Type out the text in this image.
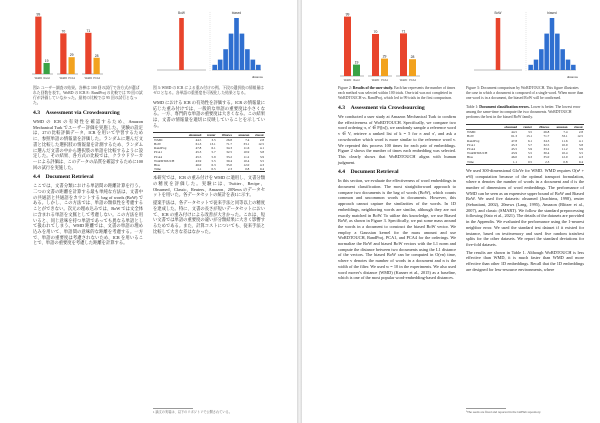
99
WoRD
19
Rand
70
WoRD
29
PCA1
71
WoRD
28
PCA4
BoW	biased
distance
図2: ユーザー調査の結果。各棒は 100 回の試行で各方式が選ばれた回数を表す。WoRD の ICR 8 : RandProj の比較では 70 回の試行が評価していなかった。最初の比較では 95 回の試行となった。
4.3　Assessment via Crowdsourcing

WMD の ICR の有効性を確認するため、Amazon Mechanical Turk でユーザー評価を実施した。実験の設定は、27の比較評価データ、ICR を用いて学習するために、参照単語の情報量を評価した。ランダムに選んだ文書と比較した選択肢の情報量を計測するため、ランダムに選んだ文書の中から選択肢の単語を比較するように設定した。その結果、各方式の比較では、クラウドワーカーによる評価は、このデータの品質を確認するために100回の試行を実施した。

4.4　Document Retrieval

ここでは、文書分類における単語間の距離計算を行う。二つの文書の距離を計算する最も単純な方法は、文書中の共通語と共通語をカウントする bag of words (BoW) である。しかし、この方法では、単語の類似性を考慮することができない。次元の埋め込みでは、BoW では文全体に含まれる単語を文脈として考慮しない。この方法を用いると、同じ意味を持つ単語であっても異なる単語として扱われてしまう。WMD 距離では、文書の単語の埋め込みを用いて、単語間の意味的な距離を考慮する。一方で、単語の重要度は考慮されないため、ICR を用いることで、単語の重要度を考慮した距離を計算する。

図 3: WMD の ICR による重み付けの例。下段の選択肢の情報量はゼロとなる。各単語の重要度を可視化した結果となる。

WMD における ICR の有効性を評価する。ICR の情報量に応じた重み付けでは、一般的な単語の重要度は小さくなる。一方、専門的な単語の重要度は大きくなる。この結果は、文書の情報量を適切に反映していることを示している。

	ohsumed	reuter	20news	amazon	classic
WMD	44.5	3.5	26.8	7.4	2.8
BoW	61.3	13.1	71.7	33.1	12.5
RandProj	47.8	6.1	34.3	11.6	4.1
PCA1	45.3	5.7	32.5	10.9	3.8
PCA4	45.5	5.9	33.2	11.2	3.9
WoRDTOUCH	43.9	5.5	30.4	10.4	3.5
Bias	46.0	6.3	35.0	12.0	4.3
Time	1.1	0.5	2.3	0.8	0.4

本研究では、ICR の重み付けを WMD に適用し、文書分類の精度を評価した。実験には、Twitter、Recipe、Ohsumed、Classic、Reuters、Amazon、20News のデータセットを用いた。各データセットの統計を表1に示す。

提案手法は、各データセットで従来手法と同等以上の精度を達成した。特に、文書の長さが短いデータセットにおいて、ICR の重み付けによる改善が大きかった。これは、短い文書では単語の重要度の違いが分類結果に大きく影響するためである。また、計算コストについても、従来手法と比較して大きな差はなかった。

1 論文の実装は、以下のリポジトリで公開されている。
99
WoRD
19
Rand
70
WoRD
29
PCA1
71
WoRD
28
PCA4
BoW	biased
distance
Figure 2: Results of the user study. Each bar represents the number of times each method was selected within 100 trials. One trial was not completed in WoRDTOUCH vs. RandProj, which led to 99 trials in the first comparison.
4.3　Assessment via Crowdsourcing

We conducted a user study at Amazon Mechanical Turk to confirm the effectiveness of WoRDTOUCH. Specifically, we compare two word ordering π, π′ ∈ P([n]), we randomly sample a reference word v ∈ V, retrieve a ranked list of k = 5 for π and π′, and ask a crowdworker which word is more similar to the reference word v. We repeated this process 100 times for each pair of embeddings. Figure 2 shows the number of times each embedding was selected. This clearly shows that WoRDTOUCH aligns with human judgment.

4.4　Document Retrieval

In this section, we evaluate the effectiveness of word embeddings in document classification. The most straightforward approach to compare two documents is the bag of words (BoW), which counts common and uncommon words in documents. However, this approach cannot capture the similarities of the words. In 1D embeddings, neighboring words are similar, although they are not exactly matched in BoW. To utilize this knowledge, we use Biased BoW, as shown in Figure 3. Specifically, we put some mass around the words in a document to construct the biased BoW vector. We employ a Gaussian kernel for the mass amount and use WoRDTOUCH, RandProj, PCA1, and PCA4 for the orderings. We normalize the BoW and biased BoW vectors with the L1 norm and compute the distance between two documents using the L1 distance of the vectors. The biased BoW can be computed in O(vn) time, where v denotes the number of words in a document and n is the width of the filter. We used w = 10 in the experiments. We also used word mover's distance (WMD) (Kusner et al., 2015) as a baseline, which is one of the most popular word-embedding-based distances.

Figure 3: Document comparison by WoRDTOUCH. This figure illustrates the case in which a document is composed of a single word. When more than one word is in a document, the biased RoW will be confirmed.
Table 1: Document classification errors. Lower is better. The lowest error among the same-time in compute the two documents. WoRDTOUCH performs the best in the biased BoW family.
	ohsumed	reuter	20news	amazon	classic
WMD	44.5	3.5	26.8	7.4	2.8
BoW	61.3	13.1	71.7	33.1	12.5
RandProj	47.8	6.1	34.3	11.6	4.1
PCA1	45.3	5.7	32.5	10.9	3.8
PCA4	45.5	5.9	33.2	11.2	3.9
WoRDTOUCH	43.9	5.5	30.4	10.4	3.5
Bias	46.0	6.3	35.0	12.0	4.3
Time	1.1	0.5	2.3	0.8	0.4

We used 300-dimensional GloVe for WMD. WMD requires O(n³ + n²d) computation because of the optimal transport formulation, where n denotes the number of words in a document and d is the number of dimensions of word embeddings. The performance of WMD can be seen as an expensive upper bound of BoW and Biased BoW. We used five datasets: ohsumed (Joachims, 1998), reuter (Sebastiani, 2002), 20news (Lang, 1995), Amazon (Blitzer et al., 2007), and classic (SMART). We follow the standard preprocessing following (Sato et al., 2021). The details of the datasets are provided in the Appendix. We evaluated the performance using the 1-nearest neighbor error. We used the standard test dataset if it existed for instance, based on test/memory and used five random train/test splits for the other datasets. We report the standard deviations for five-fold datasets.

The results are shown in Table 1. Although WoRDTOUCH is less effective than WMD, it is much faster than WMD and more effective than other 1D embeddings. Recall that the 1D embeddings are designed for less-resource environments, where

¹The seeds are fixed and reported in the GitHub repository.
